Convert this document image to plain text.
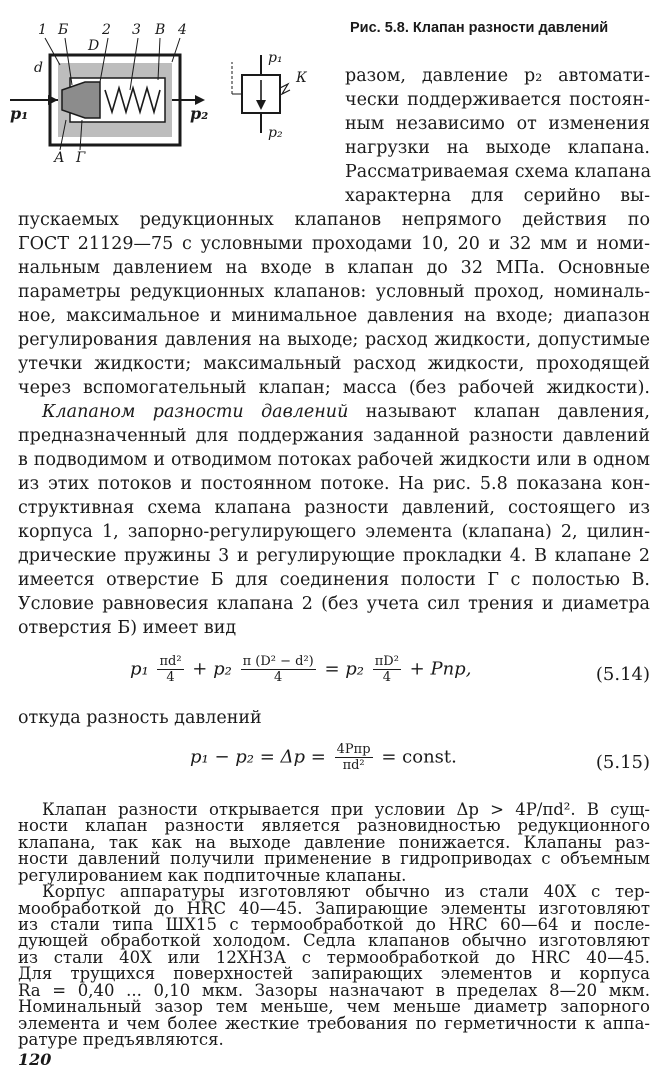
1 Б 2 3 В 4
d
D
p₁	p₂
А Г
К
p₁
p₂
Рис. 5.8. Клапан разности давлений
разом, давление p₂ автомати-
чески поддерживается постоян-
ным независимо от изменения
нагрузки на выходе клапана.
Рассматриваемая схема клапана
характерна для серийно вы-
пускаемых редукционных клапанов непрямого действия по
ГОСТ 21129—75 с условными проходами 10, 20 и 32 мм и номи-
нальным давлением на входе в клапан до 32 МПа. Основные
параметры редукционных клапанов: условный проход, номиналь-
ное, максимальное и минимальное давления на входе; диапазон
регулирования давления на выходе; расход жидкости, допустимые
утечки жидкости; максимальный расход жидкости, проходящей
через вспомогательный клапан; масса (без рабочей жидкости).
Клапаном разности давлений называют клапан давления,
предназначенный для поддержания заданной разности давлений
в подводимом и отводимом потоках рабочей жидкости или в одном
из этих потоков и постоянном потоке. На рис. 5.8 показана кон-
структивная схема клапана разности давлений, состоящего из
корпуса 1, запорно-регулирующего элемента (клапана) 2, цилин-
дрические пружины 3 и регулирующие прокладки 4. В клапане 2
имеется отверстие Б для соединения полости Г с полостью В.
Условие равновесия клапана 2 (без учета сил трения и диаметра
отверстия Б) имеет вид
$p_1 \frac{\text{πd²}}{4} + p_2 \frac{\text{π (D² − d²)}}{4} = p_2 \frac{\text{πD²}}{4}$ + Pпр,	(5.14)
откуда разность давлений
$p_1 - p_2 = \Delta p = \frac{\text{4Pпр}}{\text{πd²}}$ = const.	(5.15)
Клапан разности открывается при условии Δp > 4P/πd². В сущ-
ности клапан разности является разновидностью редукционного
клапана, так как на выходе давление понижается. Клапаны раз-
ности давлений получили применение в гидроприводах с объемным
регулированием как подпиточные клапаны.
Корпус аппаратуры изготовляют обычно из стали 40Х с тер-
мообработкой до HRC 40—45. Запирающие элементы изготовляют
из стали типа ШХ15 с термообработкой до HRC 60—64 и после-
дующей обработкой холодом. Седла клапанов обычно изготовляют
из стали 40Х или 12ХН3А с термообработкой до HRC 40—45.
Для трущихся поверхностей запирающих элементов и корпуса
Ra = 0,40 ... 0,10 мкм. Зазоры назначают в пределах 8—20 мкм.
Номинальный зазор тем меньше, чем меньше диаметр запорного
элемента и чем более жесткие требования по герметичности к аппа-
ратуре предъявляются.
120
